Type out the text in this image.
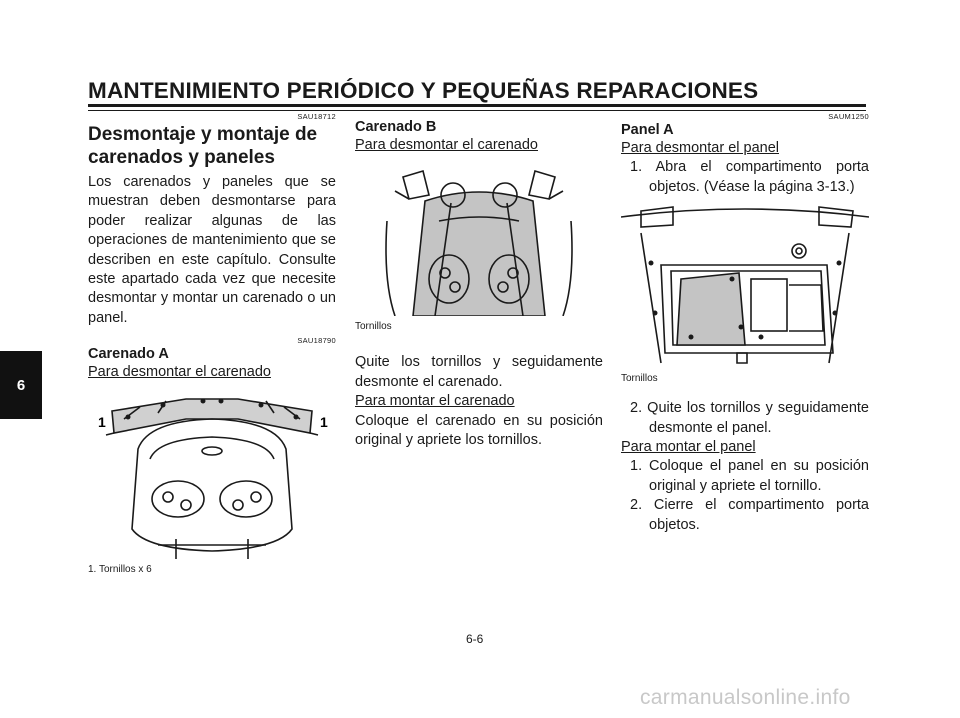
MANTENIMIENTO PERIÓDICO Y PEQUEÑAS REPARACIONES
6
SAU18712
Desmontaje y montaje de carenados y paneles

Los carenados y paneles que se muestran deben desmontarse para poder realizar algunas de las operaciones de mantenimiento que se describen en este capítulo. Consulte este apartado cada vez que necesite desmontar y montar un carenado o un panel.

SAU18790
Carenado A
Para desmontar el carenado
1	1
1. Tornillos x 6
Carenado B
Para desmontar el carenado
Tornillos

Quite los tornillos y seguidamente desmonte el carenado.

Para montar el carenado

Coloque el carenado en su posición original y apriete los tornillos.

SAUM1250
Panel A
Para desmontar el panel
1. Abra el compartimento porta objetos. (Véase la página 3-13.)
Tornillos
2. Quite los tornillos y seguidamente desmonte el panel.
Para montar el panel
1. Coloque el panel en su posición original y apriete el tornillo.
2. Cierre el compartimento porta objetos.
6-6
carmanualsonline.info
